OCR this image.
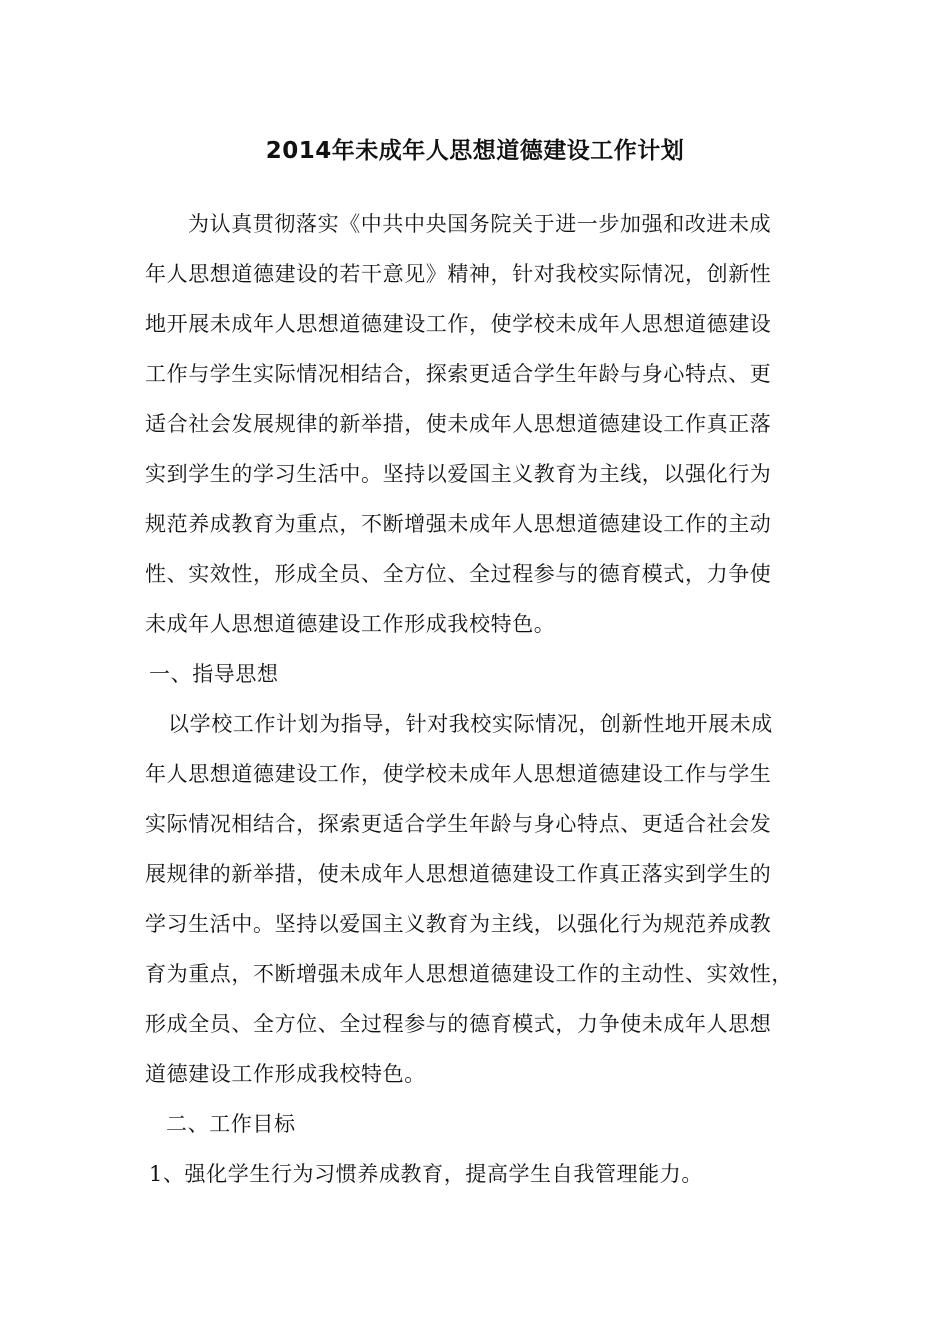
2014年未成年人思想道德建设工作计划

为认真贯彻落实《中共中央国务院关于进一步加强和改进未成

年人思想道德建设的若干意见》精神，针对我校实际情况，创新性

地开展未成年人思想道德建设工作，使学校未成年人思想道德建设

工作与学生实际情况相结合，探索更适合学生年龄与身心特点、更

适合社会发展规律的新举措，使未成年人思想道德建设工作真正落

实到学生的学习生活中。坚持以爱国主义教育为主线，以强化行为

规范养成教育为重点，不断增强未成年人思想道德建设工作的主动

性、实效性，形成全员、全方位、全过程参与的德育模式，力争使

未成年人思想道德建设工作形成我校特色。

一、指导思想

以学校工作计划为指导，针对我校实际情况，创新性地开展未成

年人思想道德建设工作，使学校未成年人思想道德建设工作与学生

实际情况相结合，探索更适合学生年龄与身心特点、更适合社会发

展规律的新举措，使未成年人思想道德建设工作真正落实到学生的

学习生活中。坚持以爱国主义教育为主线，以强化行为规范养成教

育为重点，不断增强未成年人思想道德建设工作的主动性、实效性，

形成全员、全方位、全过程参与的德育模式，力争使未成年人思想

道德建设工作形成我校特色。

二、工作目标

1、强化学生行为习惯养成教育，提高学生自我管理能力。
